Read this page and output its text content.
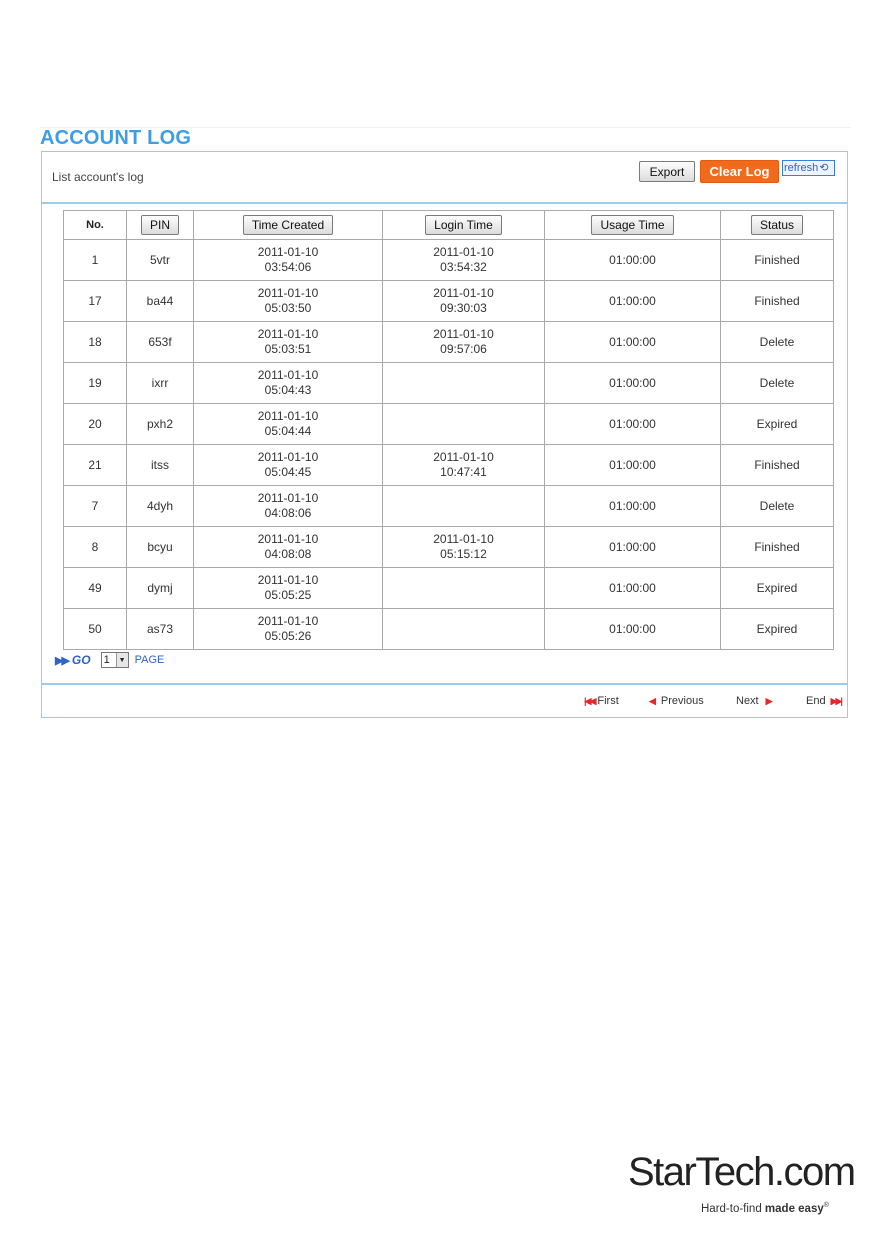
ACCOUNT LOG
List account's log	Export	Clear Log	refresh ⟲
No.	PIN	Time Created	Login Time	Usage Time	Status
1	5vtr	2011-01-10
03:54:06	2011-01-10
03:54:32	01:00:00	Finished
17	ba44	2011-01-10
05:03:50	2011-01-10
09:30:03	01:00:00	Finished
18	653f	2011-01-10
05:03:51	2011-01-10
09:57:06	01:00:00	Delete
19	ixrr	2011-01-10
05:04:43		01:00:00	Delete
20	pxh2	2011-01-10
05:04:44		01:00:00	Expired
21	itss	2011-01-10
05:04:45	2011-01-10
10:47:41	01:00:00	Finished
7	4dyh	2011-01-10
04:08:06		01:00:00	Delete
8	bcyu	2011-01-10
04:08:08	2011-01-10
05:15:12	01:00:00	Finished
49	dymj	2011-01-10
05:05:25		01:00:00	Expired
50	as73	2011-01-10
05:05:26		01:00:00	Expired
▶▶ GO 1	▼ PAGE
|◀◀ First	◀ Previous	Next ▶	End ▶▶|
StarTech.com
Hard-to-find made easy®
